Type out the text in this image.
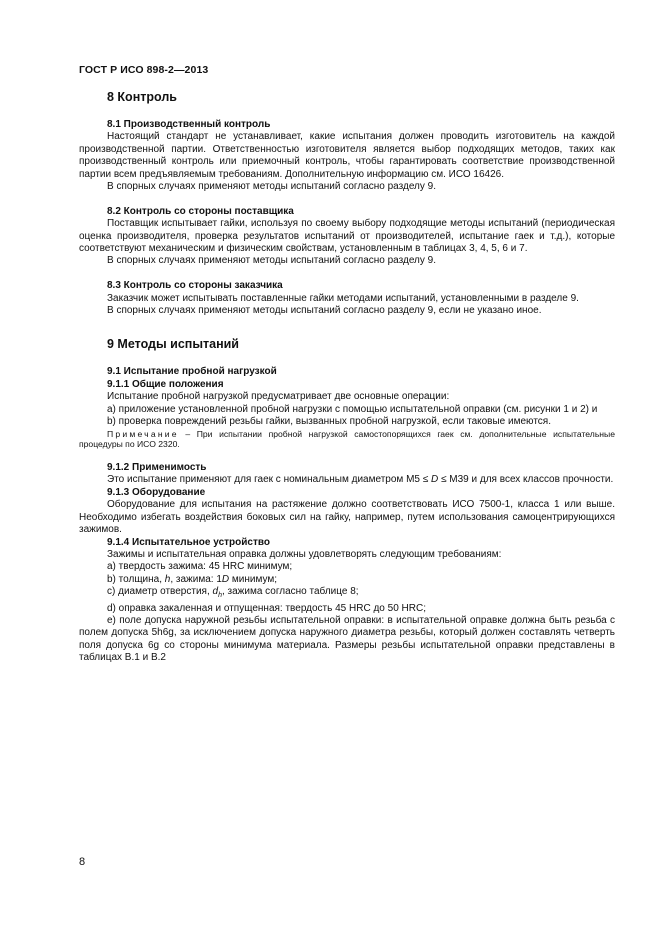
ГОСТ Р ИСО 898-2—2013
8 Контроль
8.1 Производственный контроль
Настоящий стандарт не устанавливает, какие испытания должен проводить изготовитель на каждой производственной партии. Ответственностью изготовителя является выбор подходящих методов, таких как производственный контроль или приемочный контроль, чтобы гарантировать соответствие производственной партии всем предъявляемым требованиям. Дополнительную информацию см. ИСО 16426.
В спорных случаях применяют методы испытаний согласно разделу 9.
8.2 Контроль со стороны поставщика
Поставщик испытывает гайки, используя по своему выбору подходящие методы испытаний (периодическая оценка производителя, проверка результатов испытаний от производителей, испытание гаек и т.д.), которые соответствуют механическим и физическим свойствам, установленным в таблицах 3, 4, 5, 6 и 7.
В спорных случаях применяют методы испытаний согласно разделу 9.
8.3 Контроль со стороны заказчика
Заказчик может испытывать поставленные гайки методами испытаний, установленными в разделе 9.
В спорных случаях применяют методы испытаний согласно разделу 9, если не указано иное.
9 Методы испытаний
9.1 Испытание пробной нагрузкой
9.1.1 Общие положения
Испытание пробной нагрузкой предусматривает две основные операции:
а) приложение установленной пробной нагрузки с помощью испытательной оправки (см. рисунки 1 и 2) и
b) проверка повреждений резьбы гайки, вызванных пробной нагрузкой, если таковые имеются.
Примечание – При испытании пробной нагрузкой самостопорящихся гаек см. дополнительные испытательные процедуры по ИСО 2320.
9.1.2 Применимость
Это испытание применяют для гаек с номинальным диаметром М5 ≤ D ≤ М39 и для всех классов прочности.
9.1.3 Оборудование
Оборудование для испытания на растяжение должно соответствовать ИСО 7500-1, класса 1 или выше. Необходимо избегать воздействия боковых сил на гайку, например, путем использования самоцентрирующихся зажимов.
9.1.4 Испытательное устройство
Зажимы и испытательная оправка должны удовлетворять следующим требованиям:
а) твердость зажима: 45 HRC минимум;
b) толщина, h, зажима: 1D минимум;
c) диаметр отверстия, $d_h$, зажима согласно таблице 8;
d) оправка закаленная и отпущенная: твердость 45 HRC до 50 HRC;
е) поле допуска наружной резьбы испытательной оправки: в испытательной оправке должна быть резьба с полем допуска 5h6g, за исключением допуска наружного диаметра резьбы, который должен составлять четверть поля допуска 6g со стороны минимума материала. Размеры резьбы испытательной оправки представлены в таблицах В.1 и В.2
8
